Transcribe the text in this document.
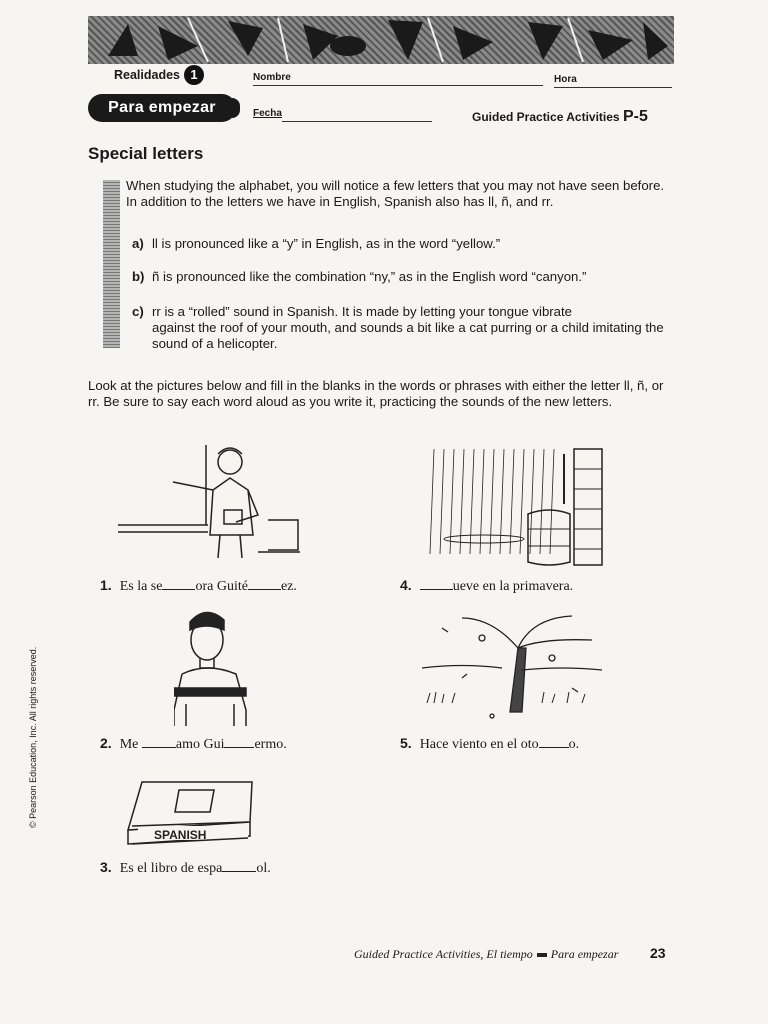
Realidades 1	Nombre	Hora
Para empezar	Fecha	Guided Practice Activities P-5
Special letters
When studying the alphabet, you will notice a few letters that you may not have seen before. In addition to the letters we have in English, Spanish also has ll, ñ, and rr.
a) ll is pronounced like a “y” in English, as in the word “yellow.”
b) ñ is pronounced like the combination “ny,” as in the English word “canyon.”
c) rr is a “rolled” sound in Spanish. It is made by letting your tongue vibrate
against the roof of your mouth, and sounds a bit like a cat purring or a child imitating the sound of a helicopter.
Look at the pictures below and fill in the blanks in the words or phrases with either the letter ll, ñ, or rr. Be sure to say each word aloud as you write it, practicing the sounds of the new letters.
1. Es la se ora Guité ez.	4.	ueve en la primavera.
2. Me amo Gui ermo.	5. Hace viento en el oto o.
SPANISH
3. Es el libro de espa ol.
Guided Practice Activities, El tiempo Para empezar 23
© Pearson Education, Inc. All rights reserved.
